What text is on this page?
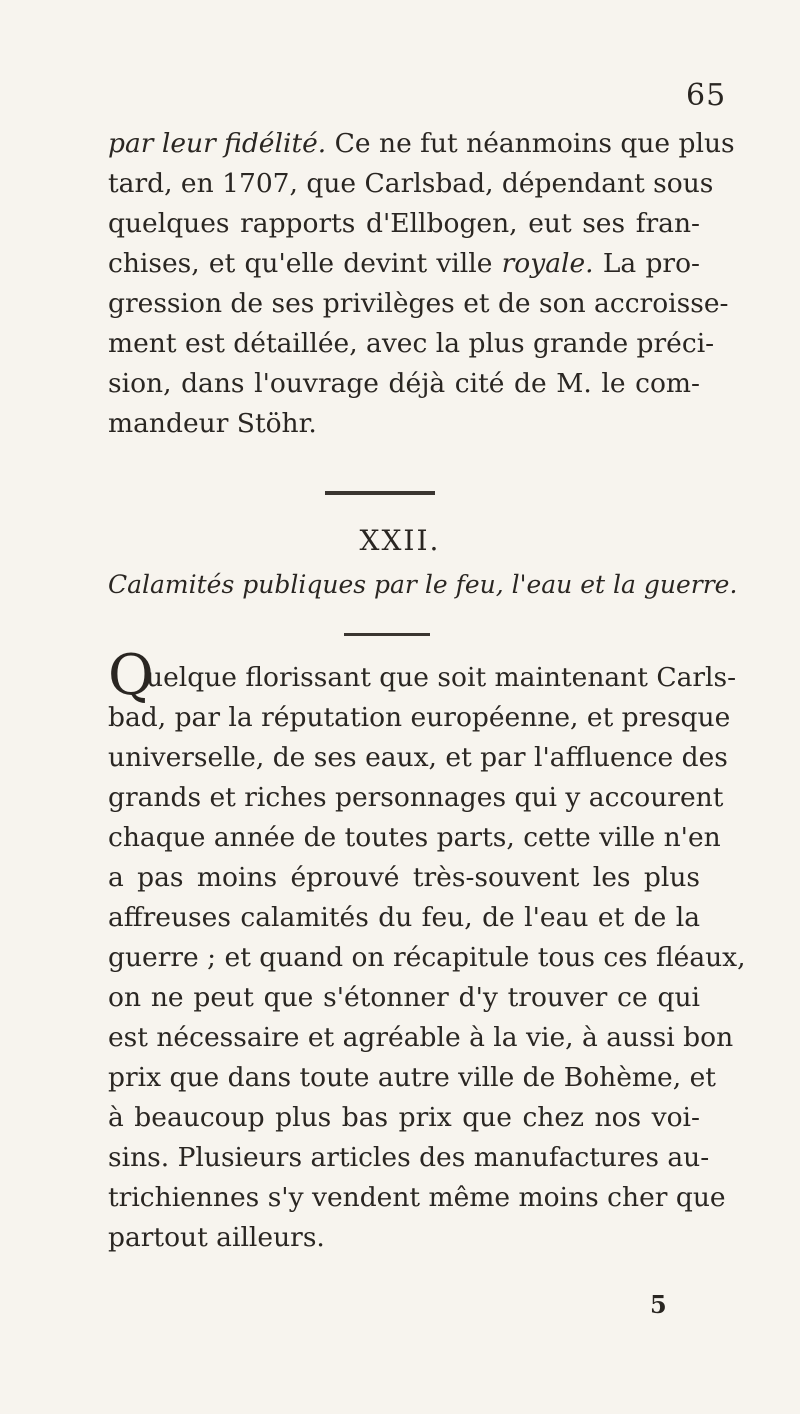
65
par leur fidélité. Ce ne fut néanmoins que plus
tard, en 1707, que Carlsbad, dépendant sous
quelques rapports d'Ellbogen, eut ses fran-
chises, et qu'elle devint ville royale. La pro-
gression de ses privilèges et de son accroisse-
ment est détaillée, avec la plus grande préci-
sion, dans l'ouvrage déjà cité de M. le com-
mandeur Stöhr.
XXII.
Calamités publiques par le feu, l'eau et la guerre.
Q
uelque florissant que soit maintenant Carls-
bad, par la réputation européenne, et presque
universelle, de ses eaux, et par l'affluence des
grands et riches personnages qui y accourent
chaque année de toutes parts, cette ville n'en
a pas moins éprouvé très-souvent les plus
affreuses calamités du feu, de l'eau et de la
guerre ; et quand on récapitule tous ces fléaux,
on ne peut que s'étonner d'y trouver ce qui
est nécessaire et agréable à la vie, à aussi bon
prix que dans toute autre ville de Bohème, et
à beaucoup plus bas prix que chez nos voi-
sins. Plusieurs articles des manufactures au-
trichiennes s'y vendent même moins cher que
partout ailleurs.
5
